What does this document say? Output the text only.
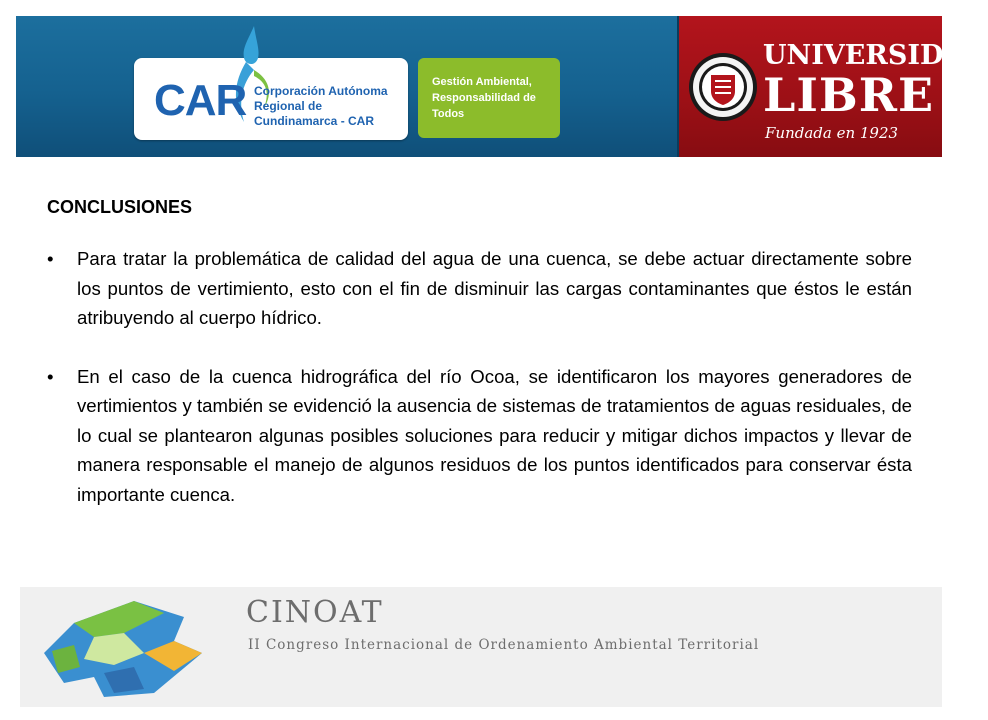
CAR Corporación Autónoma Regional de Cundinamarca - CAR
Gestión Ambiental, Responsabilidad de Todos
UNIVERSIDAD
LIBRE
Fundada en 1923
CONCLUSIONES
• Para tratar la problemática de calidad del agua de una cuenca, se debe actuar directamente sobre los puntos de vertimiento, esto con el fin de disminuir las cargas contaminantes que éstos le están atribuyendo al cuerpo hídrico.
• En el caso de la cuenca hidrográfica del río Ocoa, se identificaron los mayores generadores de vertimientos y también se evidenció la ausencia de sistemas de tratamientos de aguas residuales, de lo cual se plantearon algunas posibles soluciones para reducir y mitigar dichos impactos y llevar de manera responsable el manejo de algunos residuos de los puntos identificados para conservar ésta importante cuenca.
CINOAT
II Congreso Internacional de Ordenamiento Ambiental Territorial
